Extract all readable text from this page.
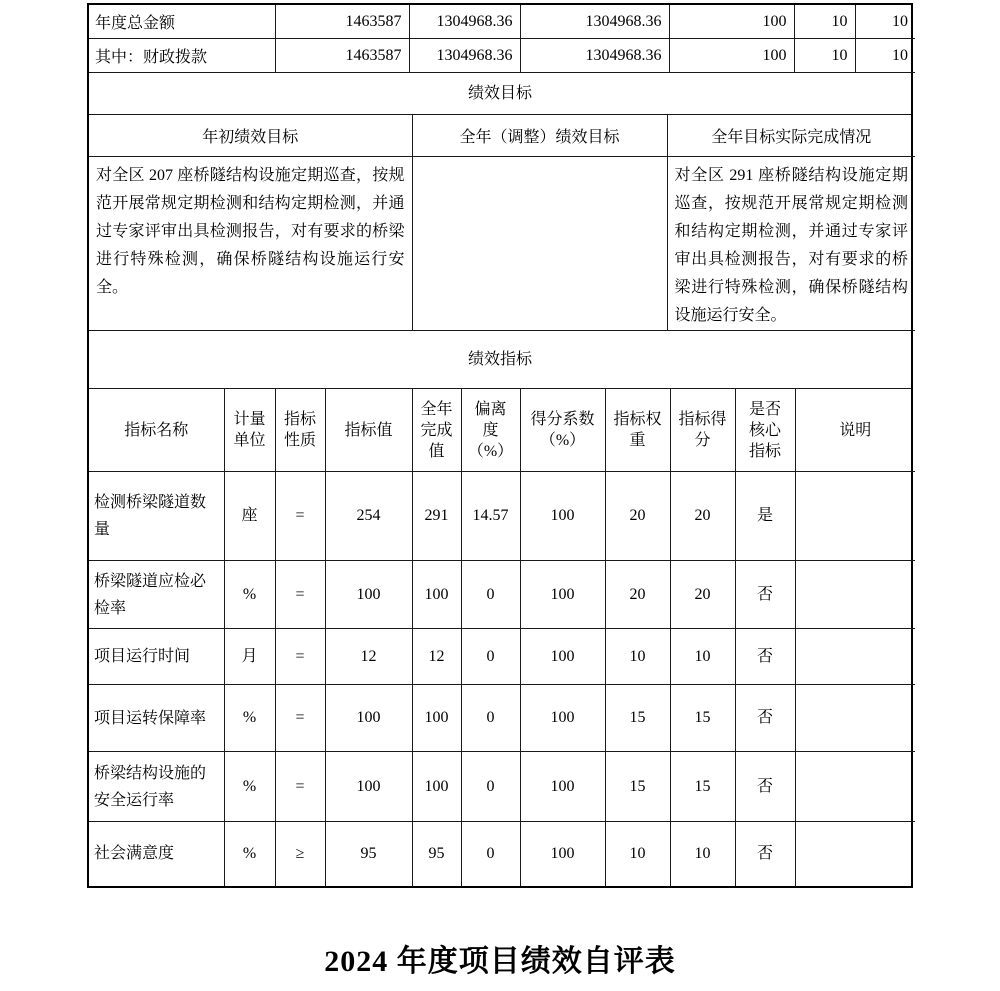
年度总金额	1463587	1304968.36	1304968.36	100	10	10
其中：财政拨款	1463587	1304968.36	1304968.36	100	10	10
绩效目标
年初绩效目标	全年（调整）绩效目标	全年目标实际完成情况
对全区 207 座桥隧结构设施定期巡查，按规范开展常规定期检测和结构定期检测，并通过专家评审出具检测报告，对有要求的桥梁进行特殊检测，确保桥隧结构设施运行安全。		对全区 291 座桥隧结构设施定期巡查，按规范开展常规定期检测和结构定期检测，并通过专家评审出具检测报告，对有要求的桥梁进行特殊检测，确保桥隧结构设施运行安全。
绩效指标
指标名称	计量单位	指标性质	指标值	全年完成值	偏离度（%）	得分系数（%）	指标权重	指标得分	是否核心指标	说明
检测桥梁隧道数量	座	=	254	291	14.57	100	20	20	是	
桥梁隧道应检必检率	%	=	100	100	0	100	20	20	否	
项目运行时间	月	=	12	12	0	100	10	10	否	
项目运转保障率	%	=	100	100	0	100	15	15	否	
桥梁结构设施的安全运行率	%	=	100	100	0	100	15	15	否	
社会满意度	%	≥	95	95	0	100	10	10	否	
2024 年度项目绩效自评表
